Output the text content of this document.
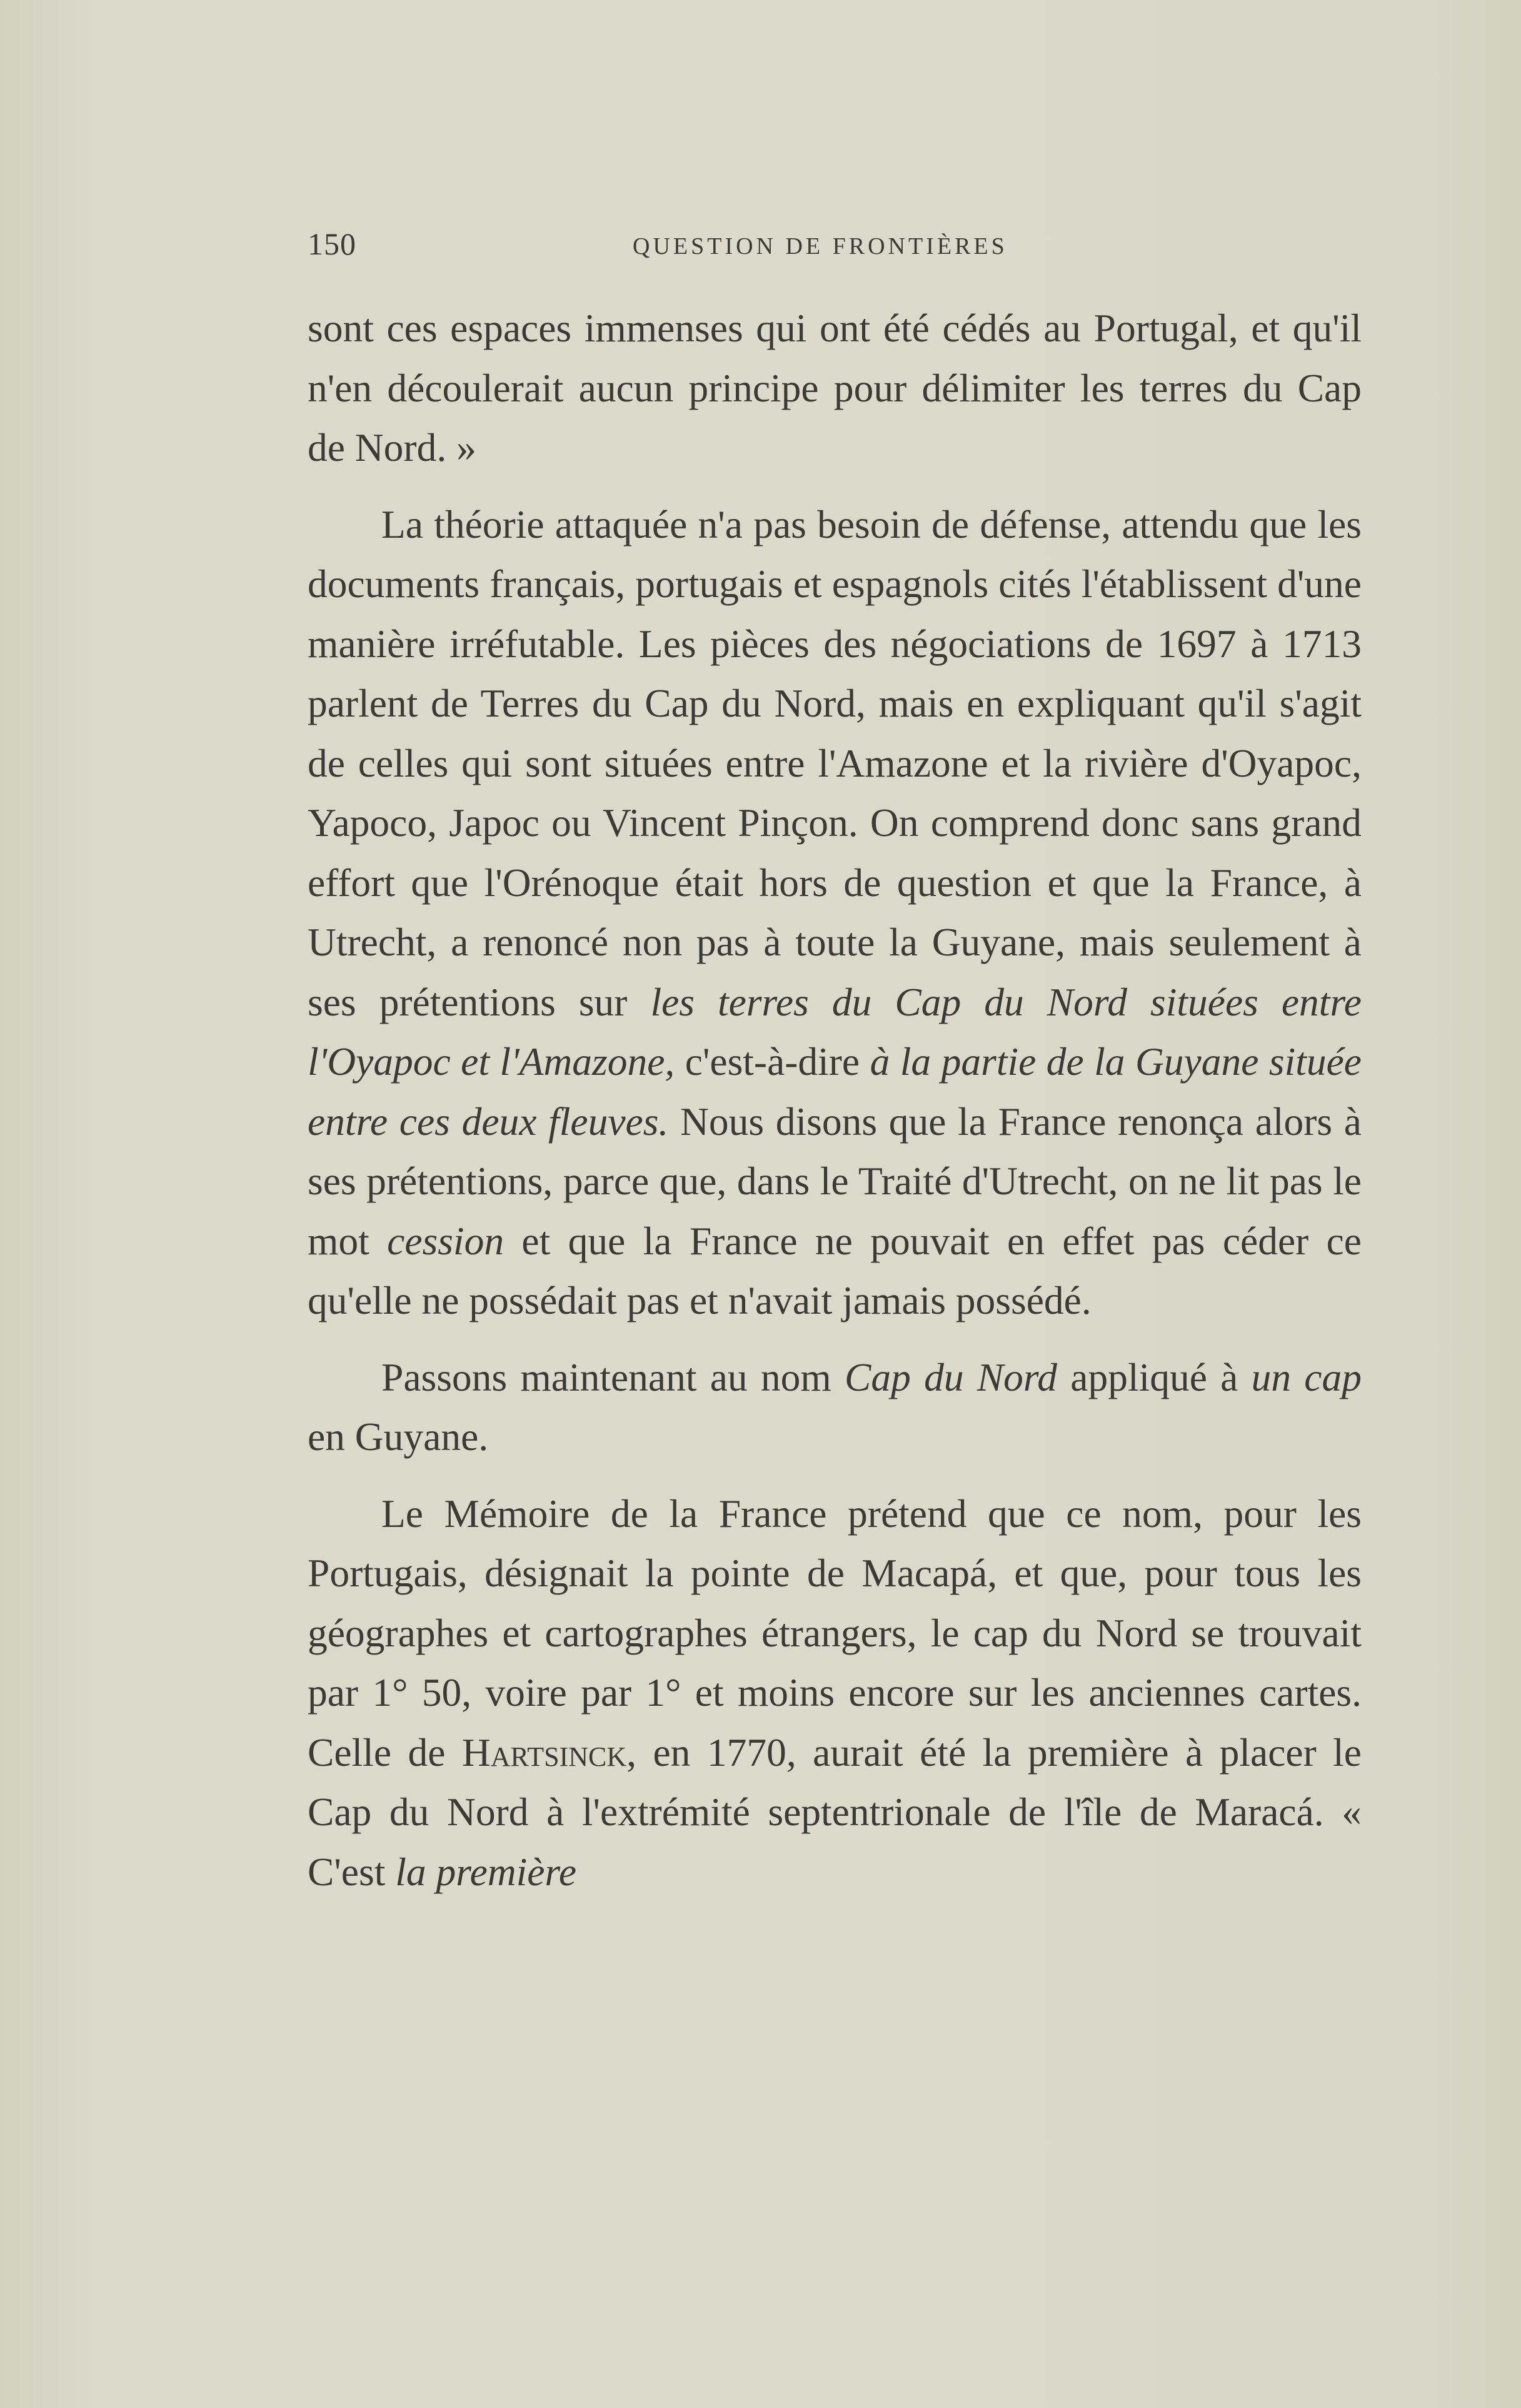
150	QUESTION DE FRONTIÈRES

sont ces espaces immenses qui ont été cédés au Portugal, et qu'il n'en découlerait aucun principe pour délimiter les terres du Cap de Nord. »

La théorie attaquée n'a pas besoin de défense, attendu que les documents français, portugais et espagnols cités l'établissent d'une manière irréfutable. Les pièces des négociations de 1697 à 1713 parlent de Terres du Cap du Nord, mais en expliquant qu'il s'agit de celles qui sont situées entre l'Amazone et la rivière d'Oyapoc, Yapoco, Japoc ou Vincent Pinçon. On comprend donc sans grand effort que l'Orénoque était hors de question et que la France, à Utrecht, a renoncé non pas à toute la Guyane, mais seulement à ses prétentions sur les terres du Cap du Nord situées entre l'Oyapoc et l'Amazone, c'est-à-dire à la partie de la Guyane située entre ces deux fleuves. Nous disons que la France renonça alors à ses prétentions, parce que, dans le Traité d'Utrecht, on ne lit pas le mot cession et que la France ne pouvait en effet pas céder ce qu'elle ne possédait pas et n'avait jamais possédé.

Passons maintenant au nom Cap du Nord appliqué à un cap en Guyane.

Le Mémoire de la France prétend que ce nom, pour les Portugais, désignait la pointe de Macapá, et que, pour tous les géographes et cartographes étrangers, le cap du Nord se trouvait par 1° 50, voire par 1° et moins encore sur les anciennes cartes. Celle de Hartsinck, en 1770, aurait été la première à placer le Cap du Nord à l'extrémité septentrionale de l'île de Maracá. « C'est la première
